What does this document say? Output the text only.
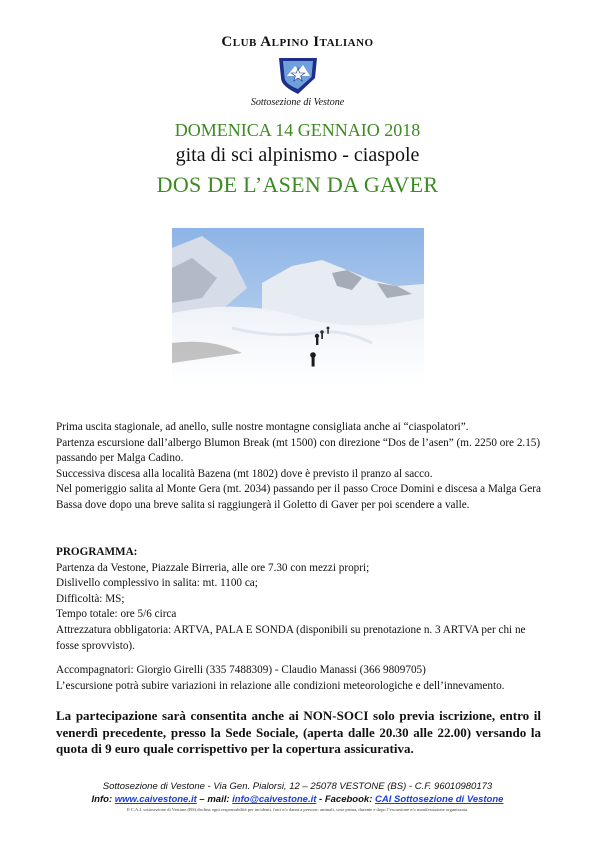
Club Alpino Italiano
Sottosezione di Vestone
DOMENICA 14 GENNAIO 2018
gita di sci alpinismo - ciaspole
DOS DE L’ASEN DA GAVER

Prima uscita stagionale, ad anello, sulle nostre montagne consigliata anche ai “ciaspolatori”.

Partenza escursione dall’albergo Blumon Break (mt 1500) con direzione “Dos de l’asen” (m. 2250 ore 2.15) passando per Malga Cadino.

Successiva discesa alla località Bazena (mt 1802) dove è previsto il pranzo al sacco.

Nel pomeriggio salita al Monte Gera (mt. 2034) passando per il passo Croce Domini e discesa a Malga Gera Bassa dove dopo una breve salita si raggiungerà il Goletto di Gaver per poi scendere a valle.

PROGRAMMA:

Partenza da Vestone, Piazzale Birreria, alle ore 7.30 con mezzi propri;

Dislivello complessivo in salita: mt. 1100 ca;

Difficoltà: MS;

Tempo totale: ore 5/6 circa

Attrezzatura obbligatoria: ARTVA, PALA E SONDA (disponibili su prenotazione n. 3 ARTVA per chi ne fosse sprovvisto).

Accompagnatori: Giorgio Girelli (335 7488309) - Claudio Manassi (366 9809705)

L’escursione potrà subire variazioni in relazione alle condizioni meteorologiche e dell’innevamento.

La partecipazione sarà consentita anche ai NON-SOCI solo previa iscrizione, entro il venerdì precedente, presso la Sede Sociale, (aperta dalle 20.30 alle 22.00) versando la quota di 9 euro quale corrispettivo per la copertura assicurativa.
Sottosezione di Vestone - Via Gen. Pialorsi, 12 – 25078 VESTONE (BS) - C.F. 96010980173
Info: www.caivestone.it – mail: info@caivestone.it - Facebook: CAI Sottosezione di Vestone
Il C.A.I. sottosezione di Vestone (BS) declina ogni responsabilità per incidenti, furti e/o danni a persone, animali, cose prima, durante e dopo l’escursione e/o manifestazione organizzata.
